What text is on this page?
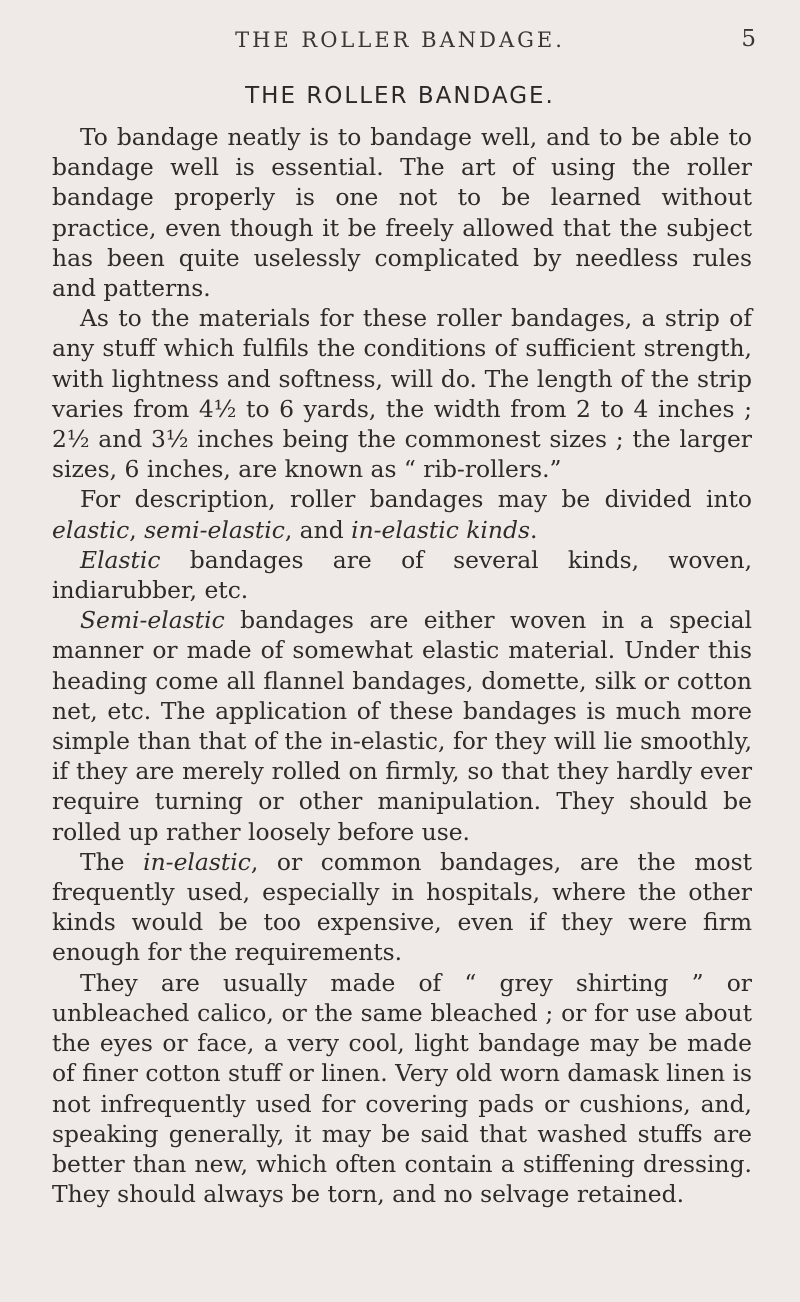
THE ROLLER BANDAGE.	5
THE ROLLER BANDAGE.

To bandage neatly is to bandage well, and to be able to bandage well is essential. The art of using the roller bandage properly is one not to be learned without practice, even though it be freely allowed that the subject has been quite uselessly complicated by needless rules and patterns.

As to the materials for these roller bandages, a strip of any stuff which fulfils the conditions of sufficient strength, with lightness and softness, will do. The length of the strip varies from 4½ to 6 yards, the width from 2 to 4 inches ; 2½ and 3½ inches being the commonest sizes ; the larger sizes, 6 inches, are known as “ rib-rollers.”

For description, roller bandages may be divided into elastic, semi-elastic, and in-elastic kinds.

Elastic bandages are of several kinds, woven, indiarubber, etc.

Semi-elastic bandages are either woven in a special manner or made of somewhat elastic material. Under this heading come all flannel bandages, domette, silk or cotton net, etc. The application of these bandages is much more simple than that of the in-elastic, for they will lie smoothly, if they are merely rolled on firmly, so that they hardly ever require turning or other manipulation. They should be rolled up rather loosely before use.

The in-elastic, or common bandages, are the most frequently used, especially in hospitals, where the other kinds would be too expensive, even if they were firm enough for the requirements.

They are usually made of “ grey shirting ” or unbleached calico, or the same bleached ; or for use about the eyes or face, a very cool, light bandage may be made of finer cotton stuff or linen. Very old worn damask linen is not infrequently used for covering pads or cushions, and, speaking generally, it may be said that washed stuffs are better than new, which often contain a stiffening dressing. They should always be torn, and no selvage retained.
